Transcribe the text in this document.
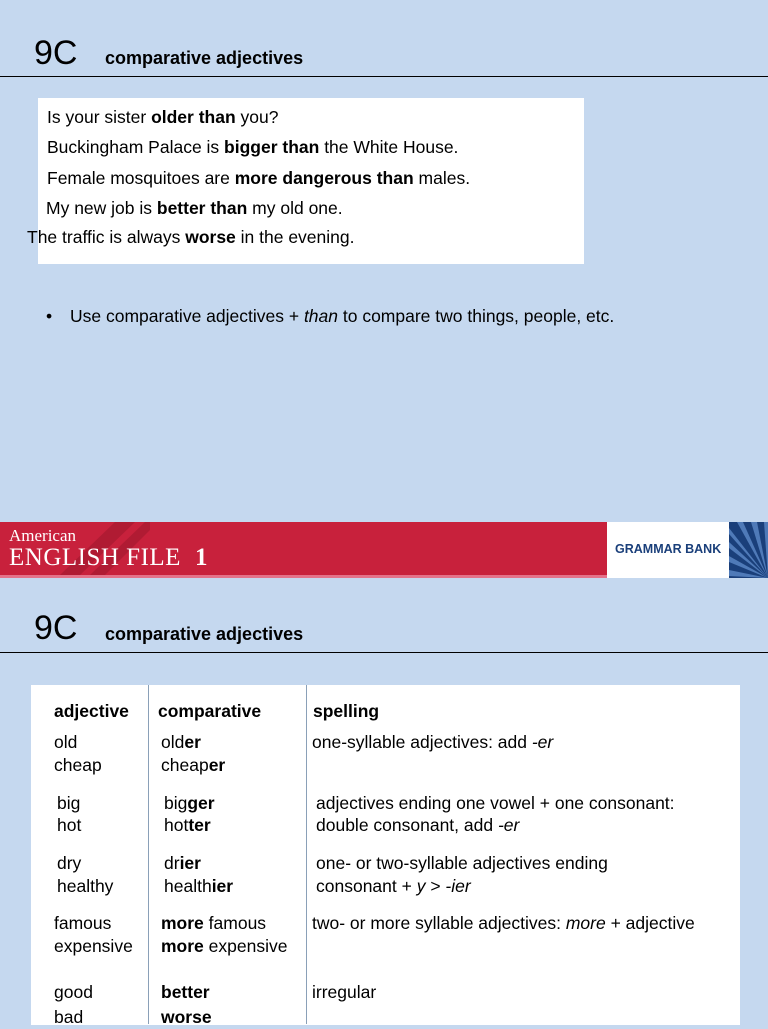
9C comparative adjectives
Is your sister older than you?
Buckingham Palace is bigger than the White House.
Female mosquitoes are more dangerous than males.
My new job is better than my old one.
The traffic is always worse in the evening.
• Use comparative adjectives + than to compare two things, people, etc.
American
ENGLISH FILE 1	GRAMMAR BANK
9C comparative adjectives
adjective comparative	spelling
old
cheap
older
cheaper
one-syllable adjectives: add -er
big
hot
bigger
hotter
adjectives ending one vowel + one consonant:
double consonant, add -er
dry
healthy
drier
healthier
one- or two-syllable adjectives ending
consonant + y > -ier
famous
expensive
more famous
more expensive
two- or more syllable adjectives: more + adjective
good
bad
better
worse
irregular
